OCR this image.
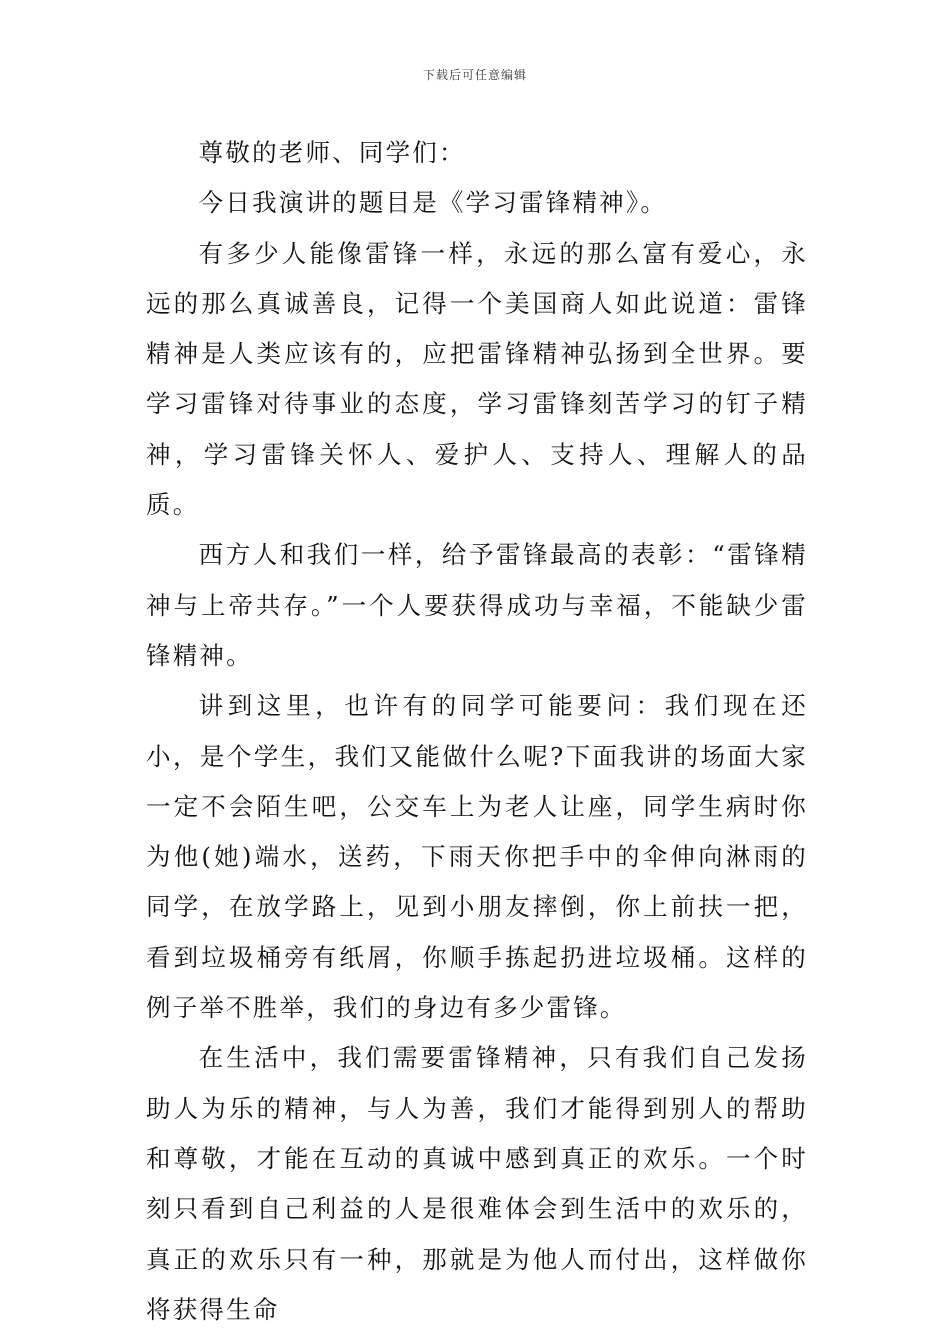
下载后可任意编辑

尊敬的老师、同学们：

今日我演讲的题目是《学习雷锋精神》。

有多少人能像雷锋一样，永远的那么富有爱心，永远的那么真诚善良，记得一个美国商人如此说道：雷锋精神是人类应该有的，应把雷锋精神弘扬到全世界。要学习雷锋对待事业的态度，学习雷锋刻苦学习的钉子精神，学习雷锋关怀人、爱护人、支持人、理解人的品质。

西方人和我们一样，给予雷锋最高的表彰：“雷锋精神与上帝共存。”一个人要获得成功与幸福，不能缺少雷锋精神。

讲到这里，也许有的同学可能要问：我们现在还小，是个学生，我们又能做什么呢?下面我讲的场面大家一定不会陌生吧，公交车上为老人让座，同学生病时你为他(她)端水，送药，下雨天你把手中的伞伸向淋雨的同学，在放学路上，见到小朋友摔倒，你上前扶一把，看到垃圾桶旁有纸屑，你顺手拣起扔进垃圾桶。这样的例子举不胜举，我们的身边有多少雷锋。

在生活中，我们需要雷锋精神，只有我们自己发扬助人为乐的精神，与人为善，我们才能得到别人的帮助和尊敬，才能在互动的真诚中感到真正的欢乐。一个时刻只看到自己利益的人是很难体会到生活中的欢乐的，真正的欢乐只有一种，那就是为他人而付出，这样做你将获得生命
